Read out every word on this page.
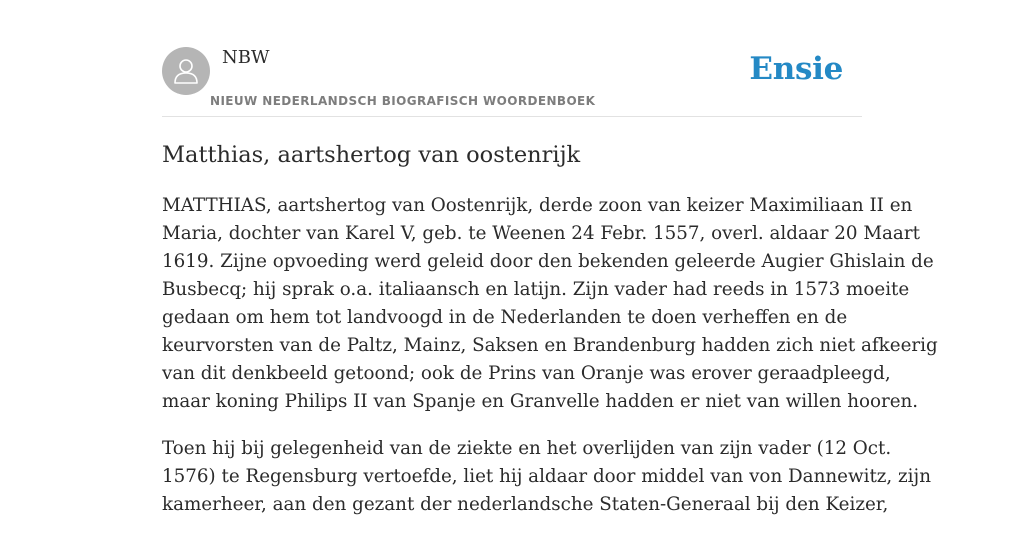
NBW
NIEUW NEDERLANDSCH BIOGRAFISCH WOORDENBOEK
Ensie
Matthias, aartshertog van oostenrijk

MATTHIAS, aartshertog van Oostenrijk, derde zoon van keizer Maximiliaan II en
Maria, dochter van Karel V, geb. te Weenen 24 Febr. 1557, overl. aldaar 20 Maart
1619. Zijne opvoeding werd geleid door den bekenden geleerde Augier Ghislain de
Busbecq; hij sprak o.a. italiaansch en latijn. Zijn vader had reeds in 1573 moeite
gedaan om hem tot landvoogd in de Nederlanden te doen verheffen en de
keurvorsten van de Paltz, Mainz, Saksen en Brandenburg hadden zich niet afkeerig
van dit denkbeeld getoond; ook de Prins van Oranje was erover geraadpleegd,
maar koning Philips II van Spanje en Granvelle hadden er niet van willen hooren.

Toen hij bij gelegenheid van de ziekte en het overlijden van zijn vader (12 Oct.
1576) te Regensburg vertoefde, liet hij aldaar door middel van von Dannewitz, zijn
kamerheer, aan den gezant der nederlandsche Staten-Generaal bij den Keizer,
